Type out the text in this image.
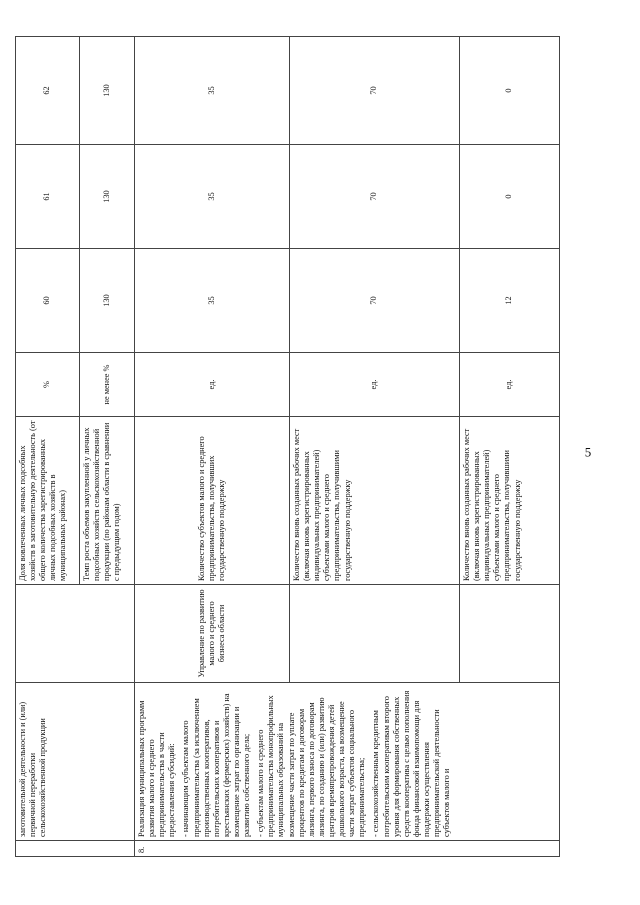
5
	заготовительной деятельности и (или) первичной переработки сельскохозяйственной продукции		Доля вовлеченных личных подсобных хозяйств в заготовительную деятельность (от общего количества зарегистрированных личных подсобных хозяйств в муниципальных районах)	%	60	61	62
			Темп роста объемов закупленной у личных подсобных хозяйств сельскохозяйственной продукции (по районам области в сравнении с предыдущим годом)	не менее %	130	130	130
8.	Реализация муниципальных программ развития малого и среднего предпринимательства в части предоставления субсидий: - начинающим субъектам малого предпринимательства (за исключением производственных кооперативов, потребительских кооперативов и крестьянских (фермерских) хозяйств) на возмещение затрат по организации и развитию собственного дела; - субъектам малого и среднего предпринимательства монопрофильных муниципальных образований на возмещение части затрат по уплате процентов по кредитам и договорам лизинга, первого взноса по договорам лизинга, по созданию и (или) развитию центров времяпрепровождения детей дошкольного возраста, на возмещение части затрат субъектов социального предпринимательства; - сельскохозяйственным кредитным потребительским кооперативам второго уровня для формирования собственных средств кооператива с целью пополнения фонда финансовой взаимопомощи для поддержки осуществления предпринимательской деятельности субъектов малого и	Управление по развитию малого и среднего бизнеса области	Количество субъектов малого и среднего предпринимательства, получивших государственную поддержку	ед.	35	35	35
			Количество вновь созданных рабочих мест (включая вновь зарегистрированных индивидуальных предпринимателей) субъектами малого и среднего предпринимательства, получившими государственную поддержку	ед.	70	70	70
			Количество вновь созданных рабочих мест (включая вновь зарегистрированных индивидуальных предпринимателей) субъектами малого и среднего предпринимательства, получившими государственную поддержку	ед.	12	0	0
